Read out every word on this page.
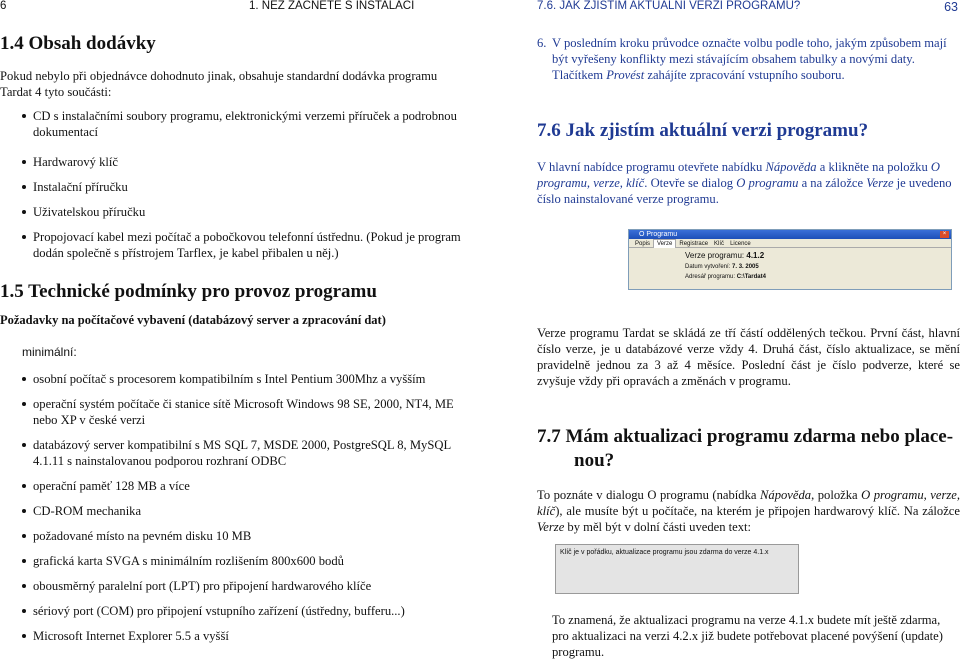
6	1. NEŽ ZAČNETE S INSTALACÍ
1.4 Obsah dodávky

Pokud nebylo při objednávce dohodnuto jinak, obsahuje standardní dodávka programu Tardat 4 tyto součásti:

CD s instalačními soubory programu, elektronickými verzemi příruček a podrobnou dokumentací
Hardwarový klíč
Instalační příručku
Uživatelskou příručku
Propojovací kabel mezi počítač a pobočkovou telefonní ústřednu. (Pokud je program dodán společně s přístrojem Tarflex, je kabel přibalen u něj.)
1.5 Technické podmínky pro provoz programu
Požadavky na počítačové vybavení (databázový server a zpracování dat)
minimální:
osobní počítač s procesorem kompatibilním s Intel Pentium 300Mhz a vyšším
operační systém počítače či stanice sítě Microsoft Windows 98 SE, 2000, NT4, ME nebo XP v české verzi
databázový server kompatibilní s MS SQL 7, MSDE 2000, PostgreSQL 8, MySQL 4.1.11 s nainstalovanou podporou rozhraní ODBC
operační paměť 128 MB a více
CD-ROM mechanika
požadované místo na pevném disku 10 MB
grafická karta SVGA s minimálním rozlišením 800x600 bodů
obousměrný paralelní port (LPT) pro připojení hardwarového klíče
sériový port (COM) pro připojení vstupního zařízení (ústředny, bufferu...)
Microsoft Internet Explorer 5.5 a vyšší
7.6. JAK ZJISTÍM AKTUÁLNÍ VERZI PROGRAMU?	63
6. V posledním kroku průvodce označte volbu podle toho, jakým způsobem mají být vyřešeny konflikty mezi stávajícím obsahem tabulky a novými daty. Tlačítkem Provést zahájíte zpracování vstupního souboru.

7.6 Jak zjistím aktuální verzi programu?

V hlavní nabídce programu otevřete nabídku Nápověda a klikněte na položku O programu, verze, klíč. Otevře se dialog O programu a na záložce Verze je uvedeno číslo nainstalované verze programu.

O Programu	×
Popis Verze Registrace Klíč Licence
Verze programu: 4.1.2
Datum vytvoření: 7. 3. 2005
Adresář programu: C:\Tardat4

Verze programu Tardat se skládá ze tří částí oddělených tečkou. První část, hlavní číslo verze, je u databázové verze vždy 4. Druhá část, číslo aktualizace, se mění pravidelně jednou za 3 až 4 měsíce. Poslední část je číslo podverze, které se zvyšuje vždy při opravách a změnách v programu.

7.7 Mám aktualizaci programu zdarma nebo place-
nou?

To poznáte v dialogu O programu (nabídka Nápověda, položka O programu, verze, klíč), ale musíte být u počítače, na kterém je připojen hardwarový klíč. Na záložce Verze by měl být v dolní části uveden text:

Klíč je v pořádku, aktualizace programu jsou zdarma do verze 4.1.x

To znamená, že aktualizaci programu na verze 4.1.x budete mít ještě zdarma, pro aktualizaci na verzi 4.2.x již budete potřebovat placené povýšení (update) programu.
